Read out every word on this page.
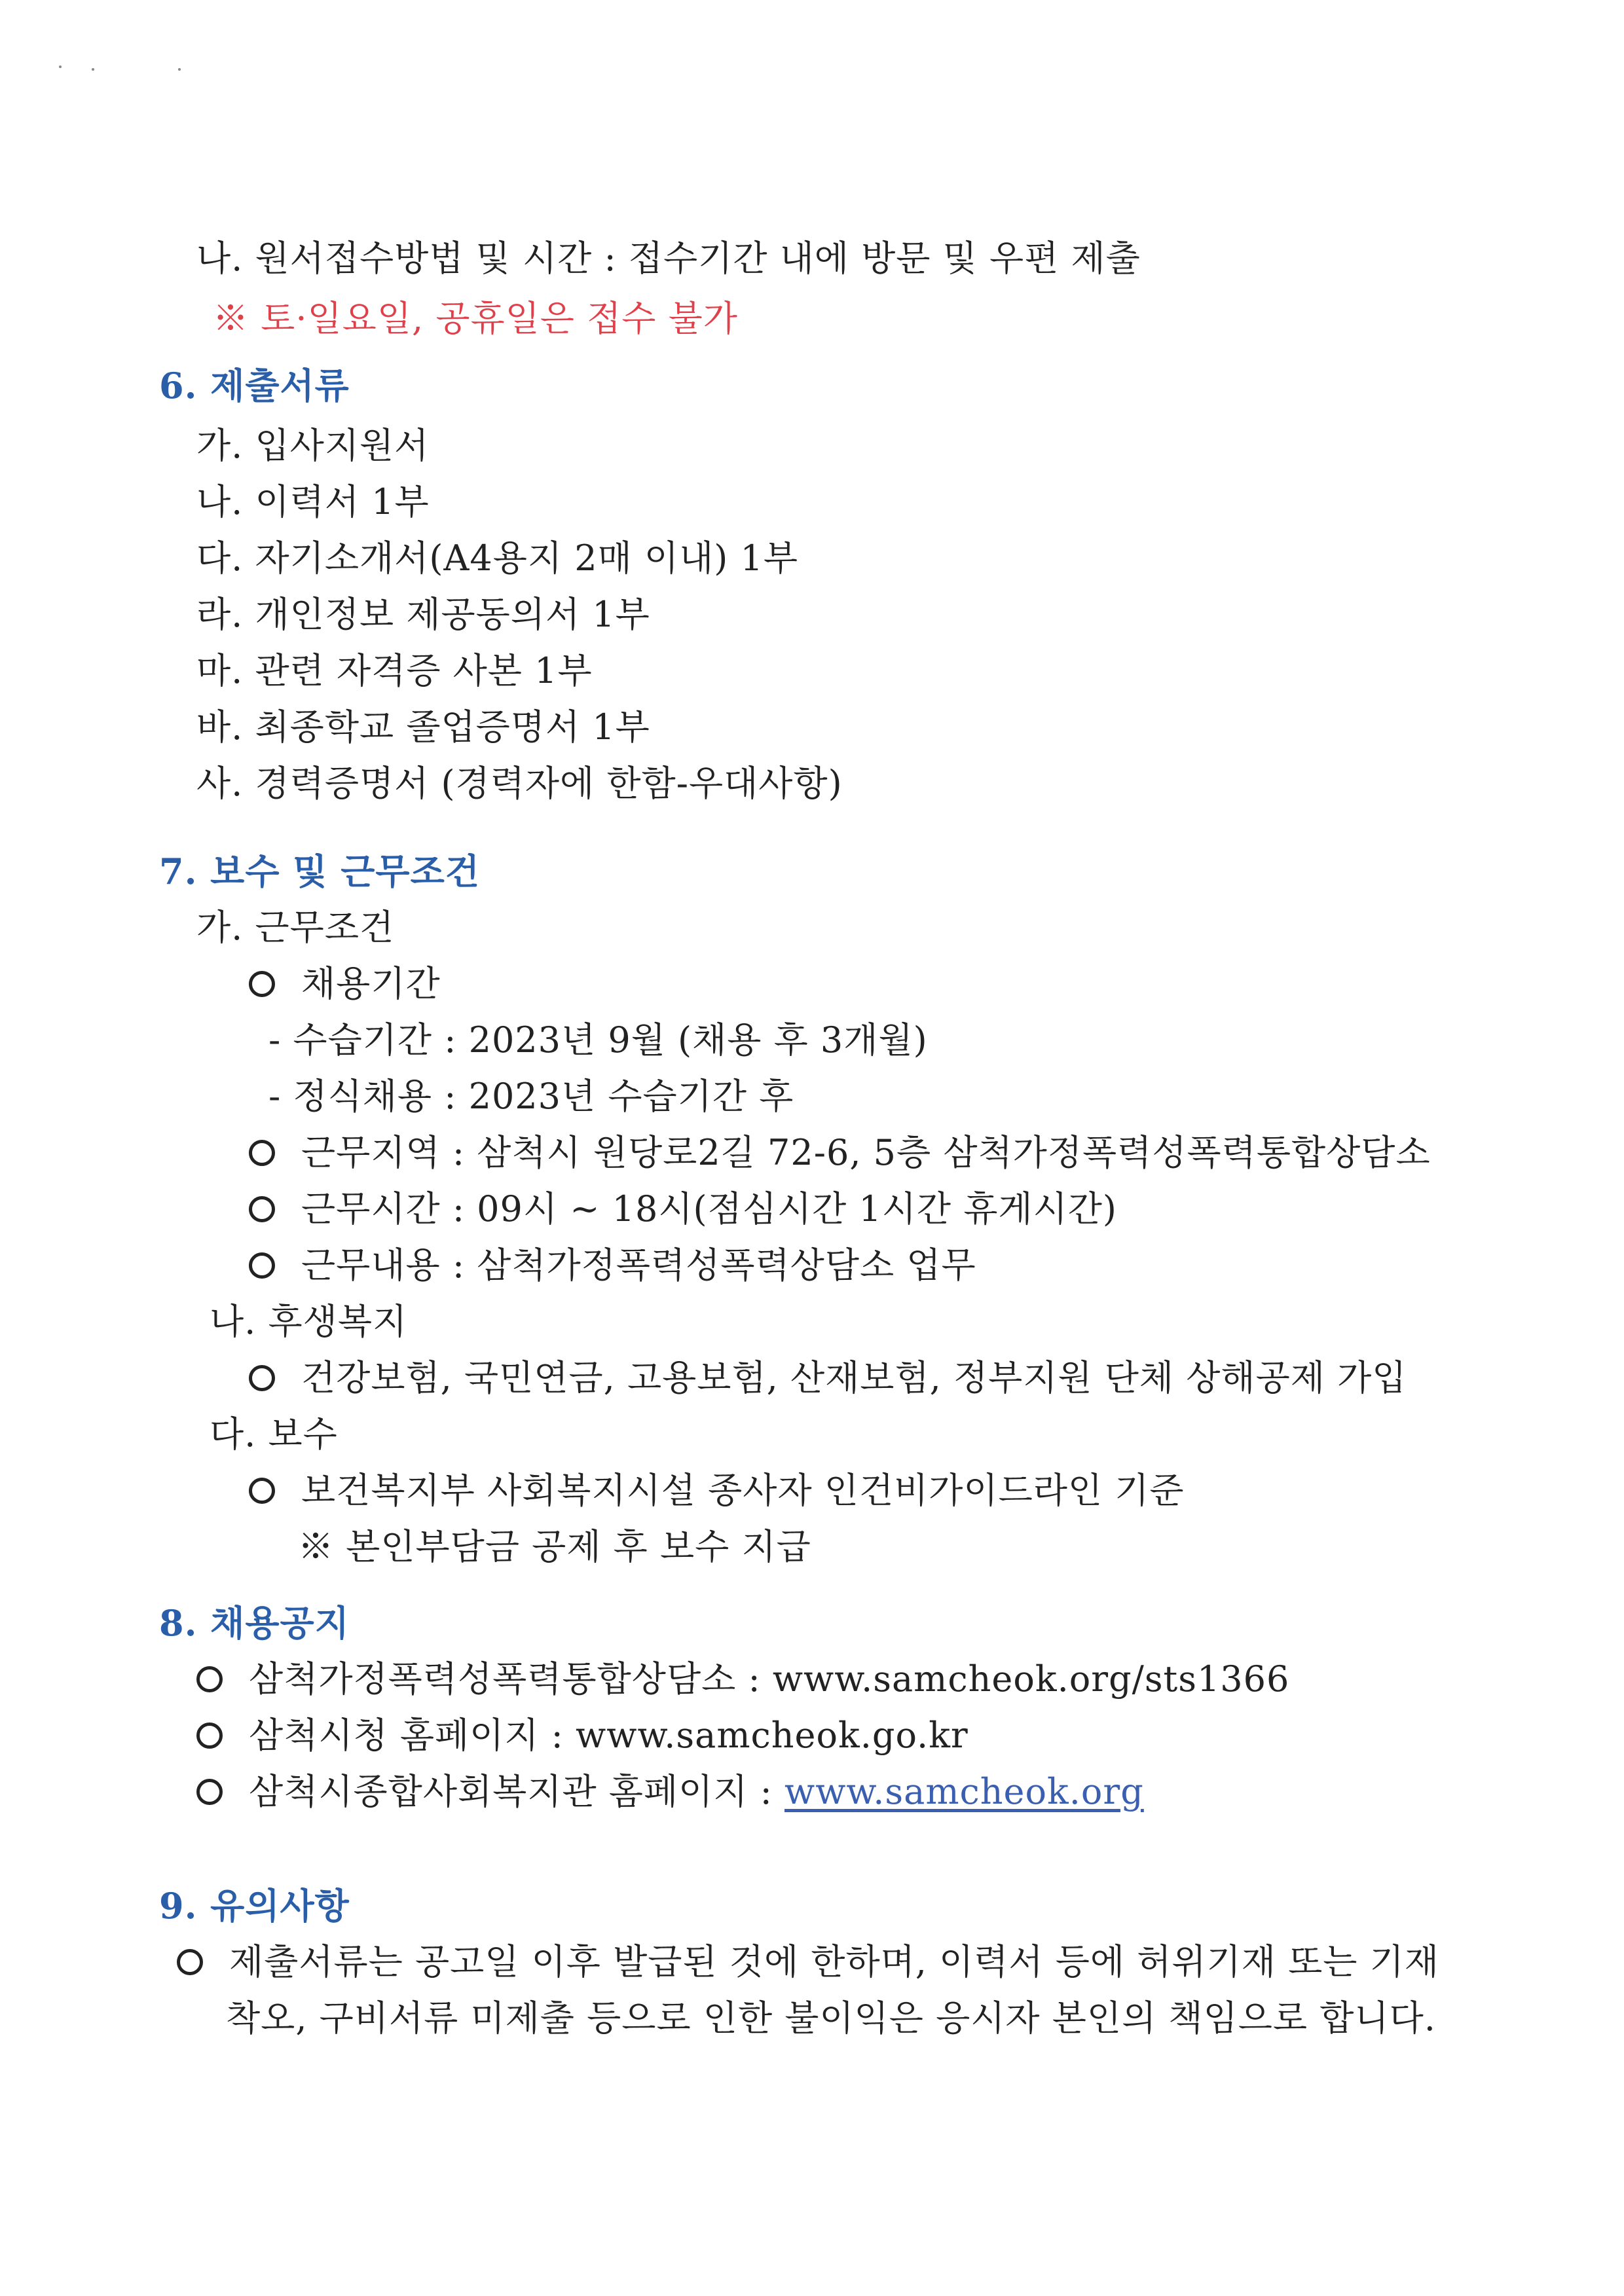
나. 원서접수방법 및 시간 : 접수기간 내에 방문 및 우편 제출
※ 토·일요일, 공휴일은 접수 불가
6. 제출서류
가. 입사지원서
나. 이력서 1부
다. 자기소개서(A4용지 2매 이내) 1부
라. 개인정보 제공동의서 1부
마. 관련 자격증 사본 1부
바. 최종학교 졸업증명서 1부
사. 경력증명서 (경력자에 한함-우대사항)
7. 보수 및 근무조건
가. 근무조건
채용기간
- 수습기간 : 2023년 9월 (채용 후 3개월)
- 정식채용 : 2023년 수습기간 후
근무지역 : 삼척시 원당로2길 72-6, 5층 삼척가정폭력성폭력통합상담소
근무시간 : 09시 ~ 18시(점심시간 1시간 휴게시간)
근무내용 : 삼척가정폭력성폭력상담소 업무
나. 후생복지
건강보험, 국민연금, 고용보험, 산재보험, 정부지원 단체 상해공제 가입
다. 보수
보건복지부 사회복지시설 종사자 인건비가이드라인 기준
※ 본인부담금 공제 후 보수 지급
8. 채용공지
삼척가정폭력성폭력통합상담소 : www.samcheok.org/sts1366
삼척시청 홈페이지 : www.samcheok.go.kr
삼척시종합사회복지관 홈페이지 : www.samcheok.org
9. 유의사항
제출서류는 공고일 이후 발급된 것에 한하며, 이력서 등에 허위기재 또는 기재
착오, 구비서류 미제출 등으로 인한 불이익은 응시자 본인의 책임으로 합니다.
